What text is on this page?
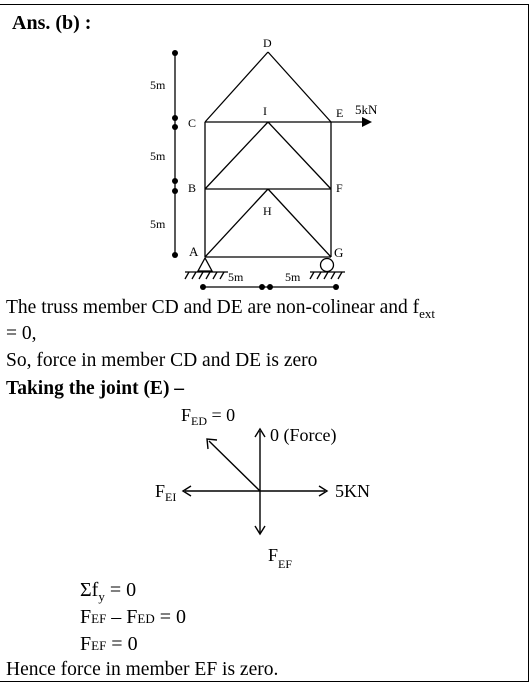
Ans. (b) :
5m
5m
5m
5kN
D
C
I	E
B	F
H
A	G
5m	5m
$F_{ED} = 0$
0 (Force)
$F_{EI}$	5KN
$F_{EF}$
The truss member CD and DE are non-colinear and $f_{ext}$
= 0,
So, force in member CD and DE is zero
Taking the joint (E) –
$\Sigma f_y = 0$
FEF – FED = 0
FEF = 0
Hence force in member EF is zero.
